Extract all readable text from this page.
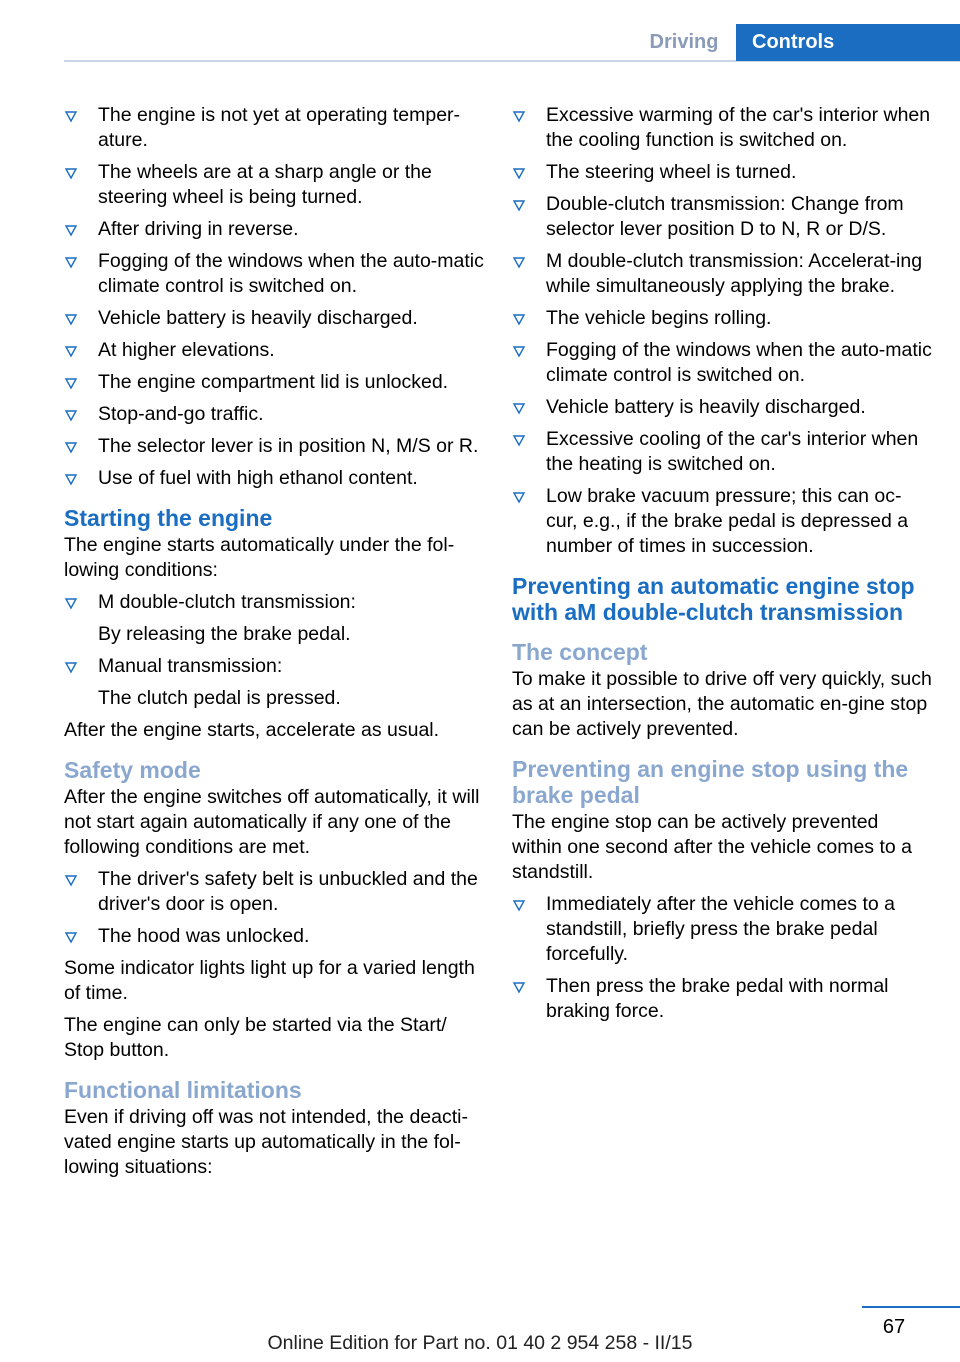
Driving	Controls
The engine is not yet at operating temper‐ature.
The wheels are at a sharp angle or the steering wheel is being turned.
After driving in reverse.
Fogging of the windows when the auto‐matic climate control is switched on.
Vehicle battery is heavily discharged.
At higher elevations.
The engine compartment lid is unlocked.
Stop-and-go traffic.
The selector lever is in position N, M/S or R.
Use of fuel with high ethanol content.
Starting the engine

The engine starts automatically under the fol‐lowing conditions:

M double-clutch transmission:
By releasing the brake pedal.
Manual transmission:
The clutch pedal is pressed.

After the engine starts, accelerate as usual.

Safety mode

After the engine switches off automatically, it will not start again automatically if any one of the following conditions are met.

The driver's safety belt is unbuckled and the driver's door is open.
The hood was unlocked.

Some indicator lights light up for a varied length of time.

The engine can only be started via the Start/ Stop button.

Functional limitations

Even if driving off was not intended, the deacti‐vated engine starts up automatically in the fol‐lowing situations:

Excessive warming of the car's interior when the cooling function is switched on.
The steering wheel is turned.
Double-clutch transmission: Change from selector lever position D to N, R or D/S.
M double-clutch transmission: Accelerat‐ing while simultaneously applying the brake.
The vehicle begins rolling.
Fogging of the windows when the auto‐matic climate control is switched on.
Vehicle battery is heavily discharged.
Excessive cooling of the car's interior when the heating is switched on.
Low brake vacuum pressure; this can oc‐cur, e.g., if the brake pedal is depressed a number of times in succession.
Preventing an automatic engine stop with aM double-clutch transmission
The concept

To make it possible to drive off very quickly, such as at an intersection, the automatic en‐gine stop can be actively prevented.

Preventing an engine stop using the brake pedal

The engine stop can be actively prevented within one second after the vehicle comes to a standstill.

Immediately after the vehicle comes to a standstill, briefly press the brake pedal forcefully.
Then press the brake pedal with normal braking force.
67
Online Edition for Part no. 01 40 2 954 258 - II/15
